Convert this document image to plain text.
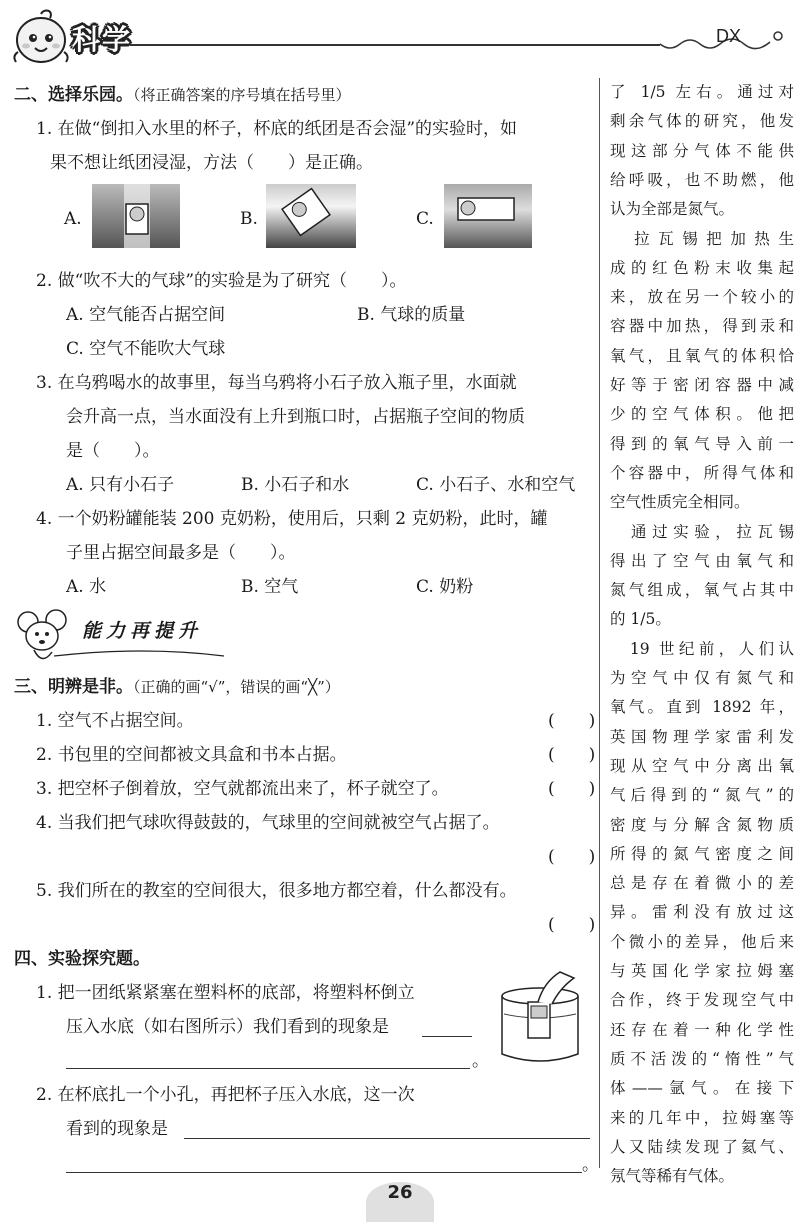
科学	DX
二、选择乐园。（将正确答案的序号填在括号里）
1. 在做“倒扣入水里的杯子，杯底的纸团是否会湿”的实验时，如
果不想让纸团浸湿，方法（　　）是正确。
A.	B.	C.
2. 做“吹不大的气球”的实验是为了研究（　　）。
A. 空气能否占据空间	B. 气球的质量
C. 空气不能吹大气球
3. 在乌鸦喝水的故事里，每当乌鸦将小石子放入瓶子里，水面就
会升高一点，当水面没有上升到瓶口时，占据瓶子空间的物质
是（　　）。
A. 只有小石子	B. 小石子和水	C. 小石子、水和空气
4. 一个奶粉罐能装 200 克奶粉，使用后，只剩 2 克奶粉，此时，罐
子里占据空间最多是（　　）。
A. 水	B. 空气	C. 奶粉
能力再提升
三、明辨是非。（正确的画“√”，错误的画“╳”）
1. 空气不占据空间。	(　　)
2. 书包里的空间都被文具盒和书本占据。	(　　)
3. 把空杯子倒着放，空气就都流出来了，杯子就空了。	(　　)
4. 当我们把气球吹得鼓鼓的，气球里的空间就被空气占据了。
(　　)
5. 我们所在的教室的空间很大，很多地方都空着，什么都没有。
(　　)
四、实验探究题。
1. 把一团纸紧紧塞在塑料杯的底部，将塑料杯倒立
压入水底（如右图所示）我们看到的现象是
。
2. 在杯底扎一个小孔，再把杯子压入水底，这一次
看到的现象是
。
了 1/5 左右。通过对
剩余气体的研究，他发
现这部分气体不能供
给呼吸，也不助燃，他
认为全部是氮气。
　拉瓦锡把加热生
成的红色粉末收集起
来，放在另一个较小的
容器中加热，得到汞和
氧气，且氧气的体积恰
好等于密闭容器中减
少的空气体积。他把
得到的氧气导入前一
个容器中，所得气体和
空气性质完全相同。
　通过实验，拉瓦锡
得出了空气由氧气和
氮气组成，氧气占其中
的 1/5。
　19 世纪前，人们认
为空气中仅有氮气和
氧气。直到 1892 年，
英国物理学家雷利发
现从空气中分离出氧
气后得到的“氮气”的
密度与分解含氮物质
所得的氮气密度之间
总是存在着微小的差
异。雷利没有放过这
个微小的差异，他后来
与英国化学家拉姆塞
合作，终于发现空气中
还存在着一种化学性
质不活泼的“惰性”气
体——氩气。在接下
来的几年中，拉姆塞等
人又陆续发现了氦气、
氖气等稀有气体。
26
